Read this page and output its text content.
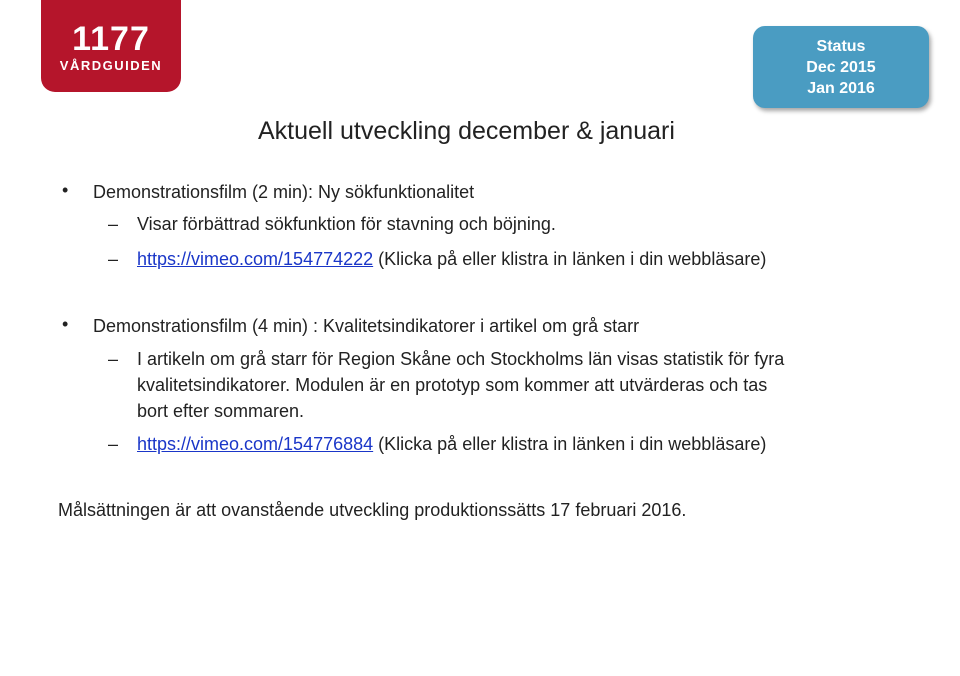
1177
VÅRDGUIDEN
Status
Dec 2015
Jan 2016
Aktuell utveckling december & januari
• Demonstrationsfilm (2 min): Ny sökfunktionalitet
– Visar förbättrad sökfunktion för stavning och böjning.
– https://vimeo.com/154774222 (Klicka på eller klistra in länken i din webbläsare)
• Demonstrationsfilm (4 min) : Kvalitetsindikatorer i artikel om grå starr
– I artikeln om grå starr för Region Skåne och Stockholms län visas statistik för fyra
kvalitetsindikatorer. Modulen är en prototyp som kommer att utvärderas och tas
bort efter sommaren.
– https://vimeo.com/154776884 (Klicka på eller klistra in länken i din webbläsare)
Målsättningen är att ovanstående utveckling produktionssätts 17 februari 2016.
